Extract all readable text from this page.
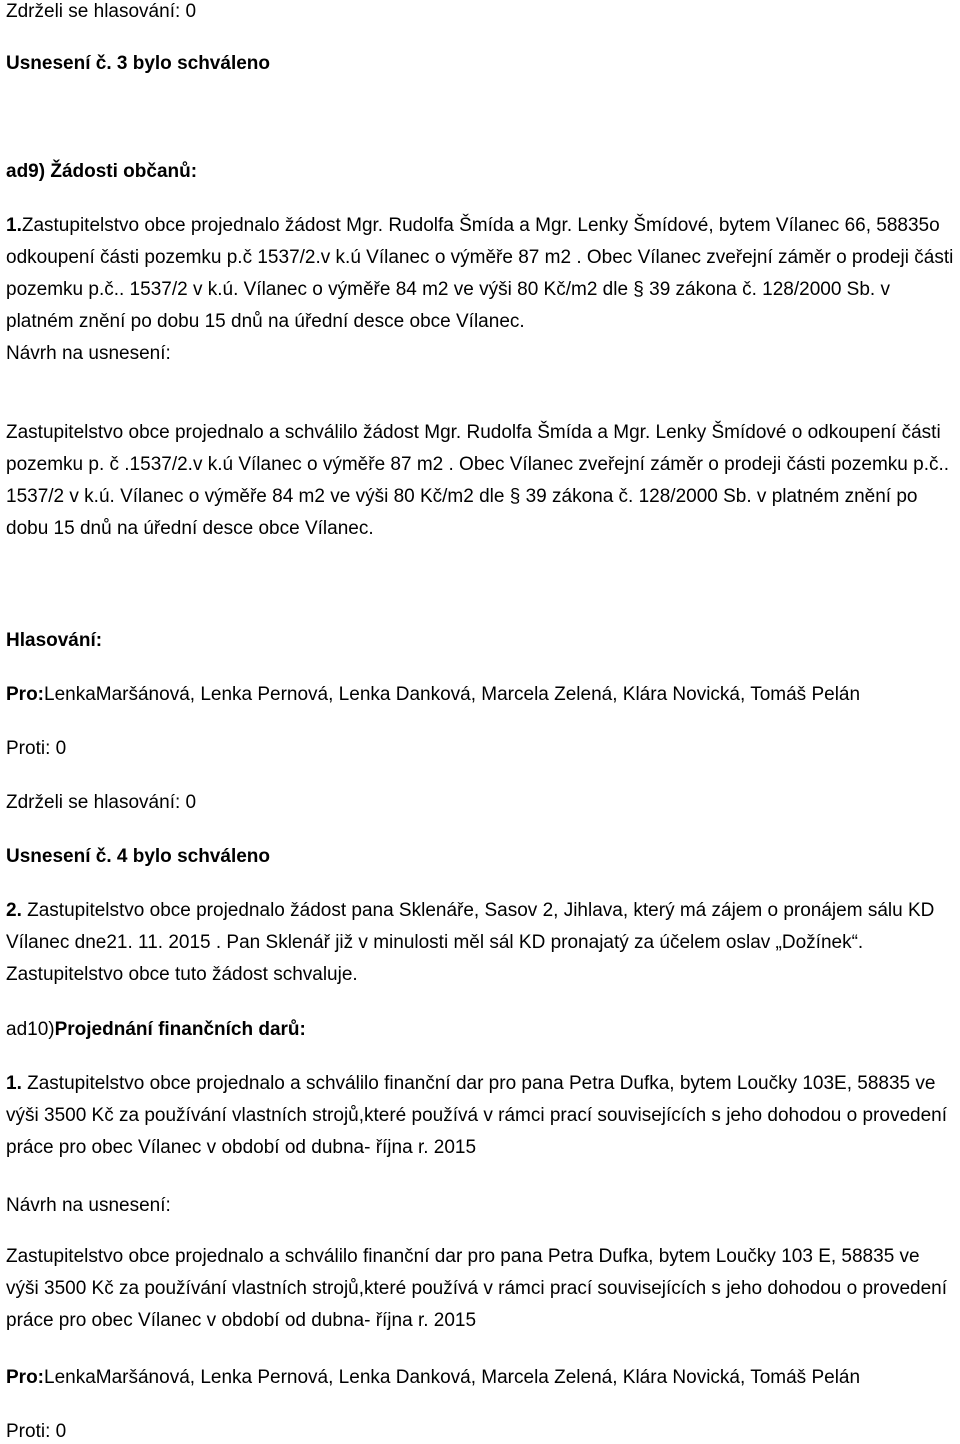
Zdrželi se hlasování: 0
Usnesení č. 3 bylo schváleno
ad9) Žádosti občanů:
1.Zastupitelstvo obce projednalo žádost Mgr. Rudolfa Šmída a Mgr. Lenky Šmídové, bytem Vílanec 66, 58835o odkoupení části pozemku p.č 1537/2.v k.ú Vílanec o výměře 87 m2 . Obec Vílanec zveřejní záměr o prodeji části pozemku p.č.. 1537/2 v k.ú. Vílanec o výměře 84 m2 ve výši 80 Kč/m2 dle § 39 zákona č. 128/2000 Sb. v platném znění po dobu 15 dnů na úřední desce obce Vílanec.
Návrh na usnesení:
Zastupitelstvo obce projednalo a schválilo žádost Mgr. Rudolfa Šmída a Mgr. Lenky Šmídové o odkoupení části pozemku p. č .1537/2.v k.ú Vílanec o výměře 87 m2 . Obec Vílanec zveřejní záměr o prodeji části pozemku p.č.. 1537/2 v k.ú. Vílanec o výměře 84 m2 ve výši 80 Kč/m2 dle § 39 zákona č. 128/2000 Sb. v platném znění po dobu 15 dnů na úřední desce obce Vílanec.
Hlasování:
Pro:LenkaMaršánová, Lenka Pernová, Lenka Danková, Marcela Zelená, Klára Novická, Tomáš Pelán
Proti: 0
Zdrželi se hlasování: 0
Usnesení č. 4 bylo schváleno
2. Zastupitelstvo obce projednalo žádost pana Sklenáře, Sasov 2, Jihlava, který má zájem o pronájem sálu KD Vílanec dne21. 11. 2015 . Pan Sklenář již v minulosti měl sál KD pronajatý za účelem oslav „Dožínek“. Zastupitelstvo obce tuto žádost schvaluje.
ad10)Projednání finančních darů:
1. Zastupitelstvo obce projednalo a schválilo finanční dar pro pana Petra Dufka, bytem Loučky 103E, 58835 ve výši 3500 Kč za používání vlastních strojů,které používá v rámci prací souvisejících s jeho dohodou o provedení práce pro obec Vílanec v období od dubna- října r. 2015
Návrh na usnesení:
Zastupitelstvo obce projednalo a schválilo finanční dar pro pana Petra Dufka, bytem Loučky 103 E, 58835 ve výši 3500 Kč za používání vlastních strojů,které používá v rámci prací souvisejících s jeho dohodou o provedení práce pro obec Vílanec v období od dubna- října r. 2015
Pro:LenkaMaršánová, Lenka Pernová, Lenka Danková, Marcela Zelená, Klára Novická, Tomáš Pelán
Proti: 0
